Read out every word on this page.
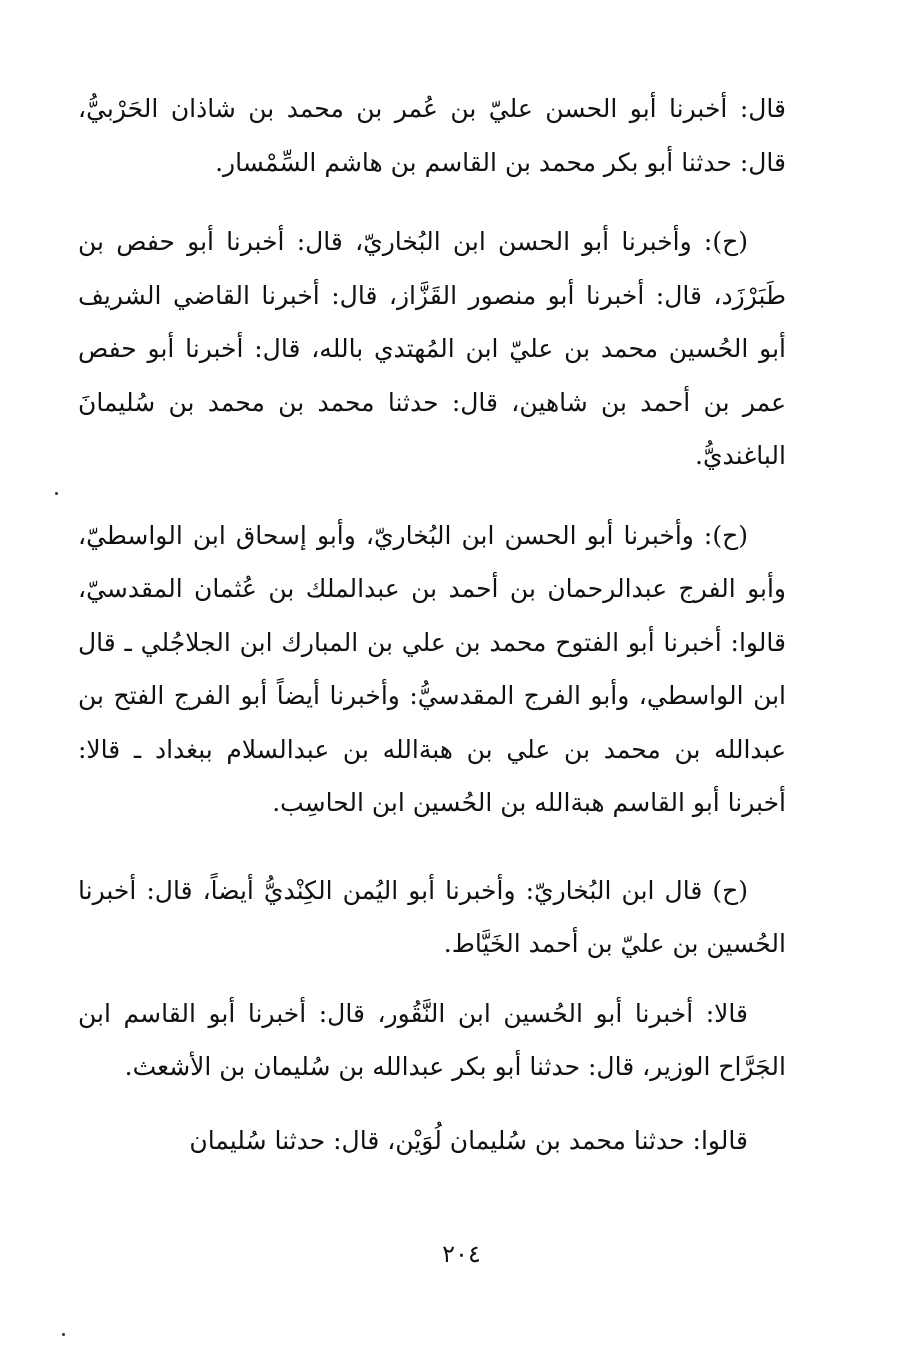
قال: أخبرنا أبو الحسن عليّ بن عُمر بن محمد بن شاذان الحَرْبيُّ، قال: حدثنا أبو بكر محمد بن القاسم بن هاشم السِّمْسار.

(ح): وأخبرنا أبو الحسن ابن البُخاريّ، قال: أخبرنا أبو حفص بن طَبَرْزَد، قال: أخبرنا أبو منصور القَزَّاز، قال: أخبرنا القاضي الشريف أبو الحُسين محمد بن عليّ ابن المُهتدي بالله، قال: أخبرنا أبو حفص عمر بن أحمد بن شاهين، قال: حدثنا محمد بن محمد بن سُليمانَ الباغنديُّ.

(ح): وأخبرنا أبو الحسن ابن البُخاريّ، وأبو إسحاق ابن الواسطيّ، وأبو الفرج عبدالرحمان بن أحمد بن عبدالملك بن عُثمان المقدسيّ، قالوا: أخبرنا أبو الفتوح محمد بن علي بن المبارك ابن الجلاجُلي ـ قال ابن الواسطي، وأبو الفرج المقدسيُّ: وأخبرنا أيضاً أبو الفرج الفتح بن عبدالله بن محمد بن علي بن هبةالله بن عبدالسلام ببغداد ـ قالا: أخبرنا أبو القاسم هبةالله بن الحُسين ابن الحاسِب.

(ح) قال ابن البُخاريّ: وأخبرنا أبو اليُمن الكِنْديُّ أيضاً، قال: أخبرنا الحُسين بن عليّ بن أحمد الخَيَّاط.

قالا: أخبرنا أبو الحُسين ابن النَّقُور، قال: أخبرنا أبو القاسم ابن الجَرَّاح الوزير، قال: حدثنا أبو بكر عبدالله بن سُليمان بن الأشعث.

قالوا: حدثنا محمد بن سُليمان لُوَيْن، قال: حدثنا سُليمان

٢٠٤
